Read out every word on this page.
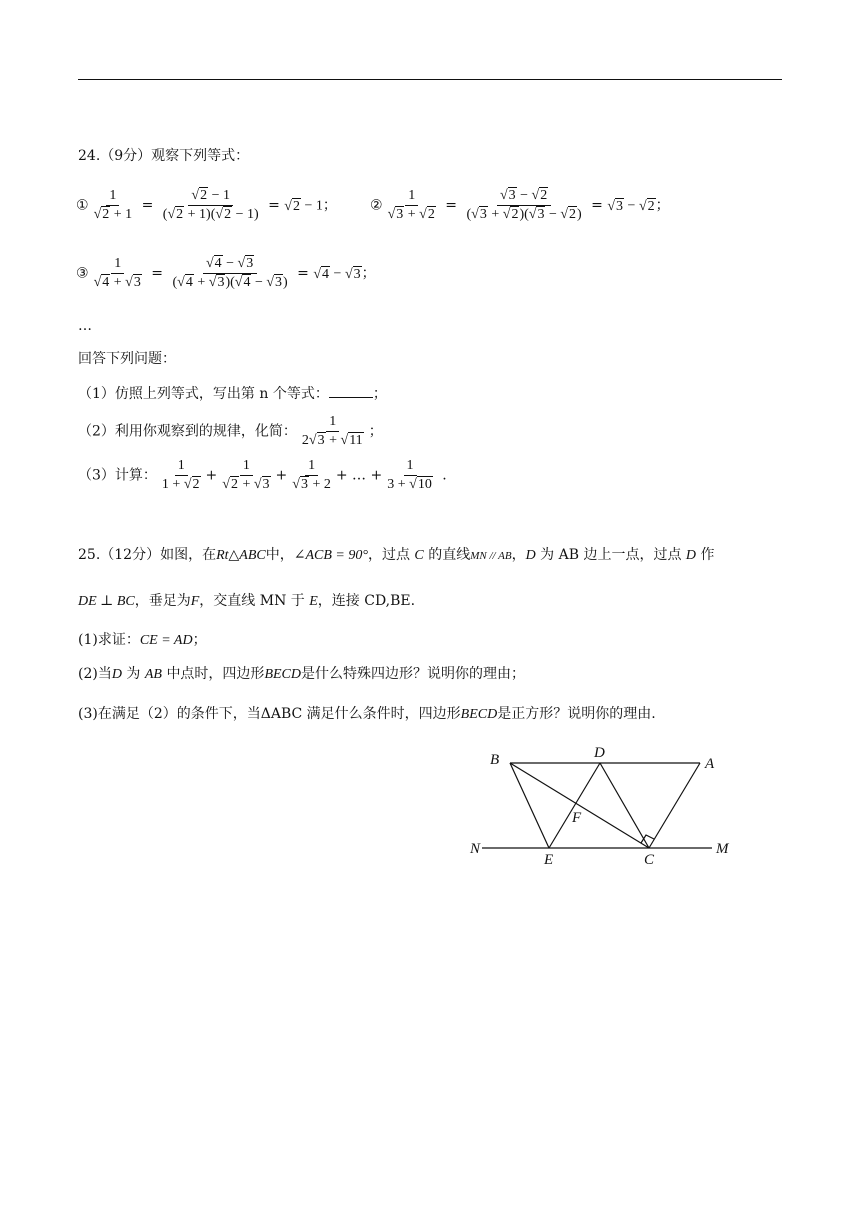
24.（9分）观察下列等式：
① 1
√ 2 + 1 = √ $\frac{2 - 1}{( √ 2 + 1)( √ 2 - 1)}$ = √ 2 − 1； ② 1
√ 3 + √ 2 = √ $\frac{3 - √ 2}{( √ 3 + √ 2)( √ 3 - √ 2)}$ = √ 3 − √ 2；
③ 1
√ 4 + √ 3 = √ $\frac{4 - √ 3}{( √ 4 + √ 3)( √ 4 - √ 3)}$ = √ 4 − √ 3；
…
回答下列问题：
（1）仿照上列等式，写出第 n 个等式：	；
（2）利用你观察到的规律，化简： $\frac{1}{2 √ 3 + √ 11}$ ；
（3）计算： $\frac{1}{1 + √ 2} + 1$
√ 2 + √ 3 + 1
√ 3 + 2 + … + $\frac{1}{3 + √ 10}$ .
25.（12分）如图，在Rt△ABC中，∠ACB = 90°，过点 C 的直线MN // AB，D 为 AB 边上一点，过点 D 作
DE ⊥ BC，垂足为F，交直线 MN 于 E，连接 CD,BE.
(1)求证：CE = AD；
(2)当D 为 AB 中点时，四边形BECD是什么特殊四边形？说明你的理由；
(3)在满足（2）的条件下，当ΔABC 满足什么条件时，四边形BECD是正方形？说明你的理由.
B	D
A
F
N
E	C
M
